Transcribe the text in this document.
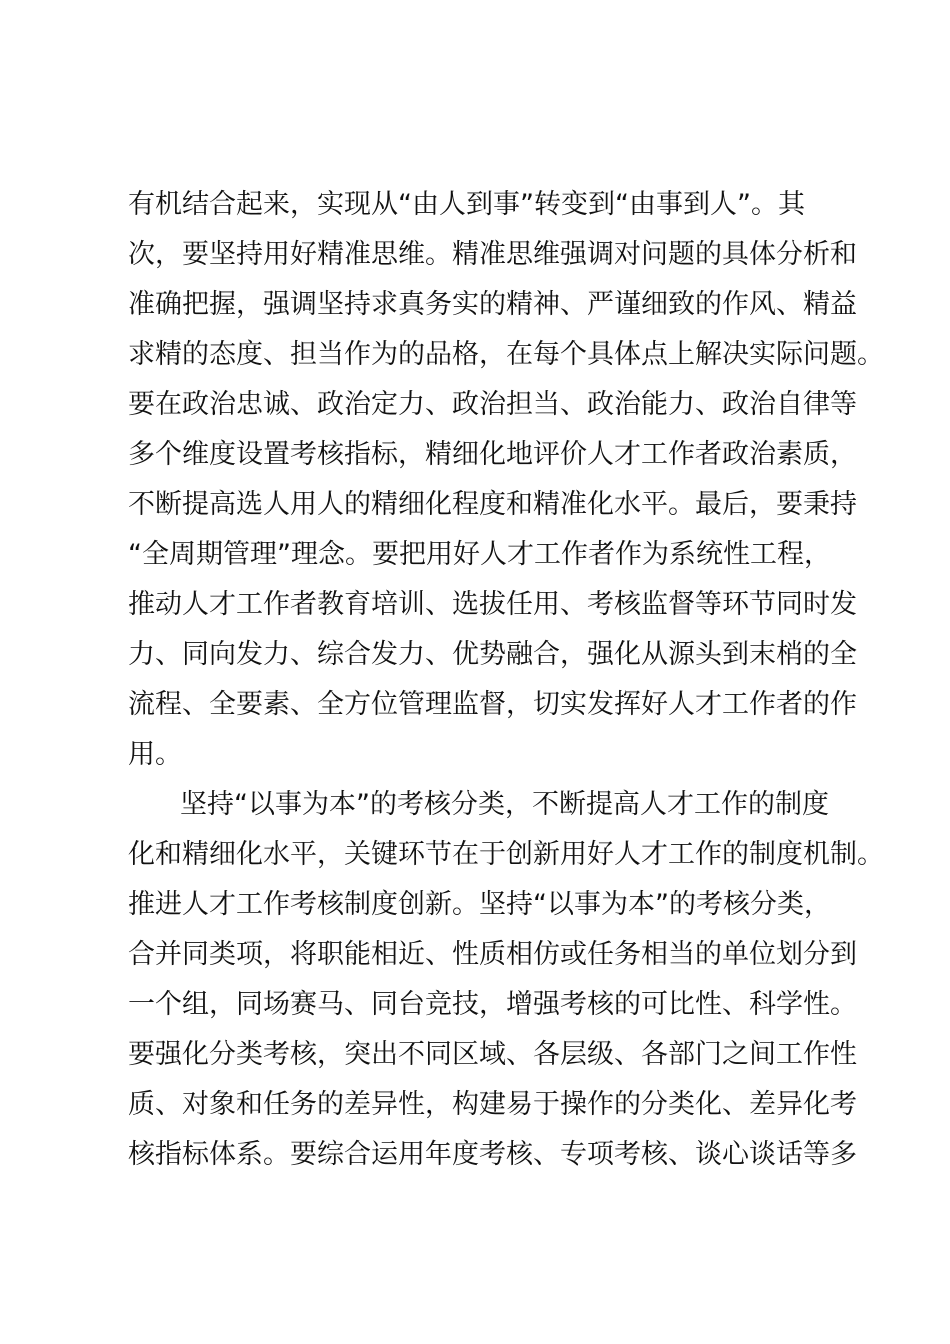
有机结合起来，实现从“由人到事”转变到“由事到人”。其
次，要坚持用好精准思维。精准思维强调对问题的具体分析和
准确把握，强调坚持求真务实的精神、严谨细致的作风、精益
求精的态度、担当作为的品格，在每个具体点上解决实际问题。
要在政治忠诚、政治定力、政治担当、政治能力、政治自律等
多个维度设置考核指标，精细化地评价人才工作者政治素质，
不断提高选人用人的精细化程度和精准化水平。最后，要秉持
“全周期管理”理念。要把用好人才工作者作为系统性工程，
推动人才工作者教育培训、选拔任用、考核监督等环节同时发
力、同向发力、综合发力、优势融合，强化从源头到末梢的全
流程、全要素、全方位管理监督，切实发挥好人才工作者的作
用。
坚持“以事为本”的考核分类，不断提高人才工作的制度
化和精细化水平，关键环节在于创新用好人才工作的制度机制。
推进人才工作考核制度创新。坚持“以事为本”的考核分类，
合并同类项，将职能相近、性质相仿或任务相当的单位划分到
一个组，同场赛马、同台竞技，增强考核的可比性、科学性。
要强化分类考核，突出不同区域、各层级、各部门之间工作性
质、对象和任务的差异性，构建易于操作的分类化、差异化考
核指标体系。要综合运用年度考核、专项考核、谈心谈话等多
